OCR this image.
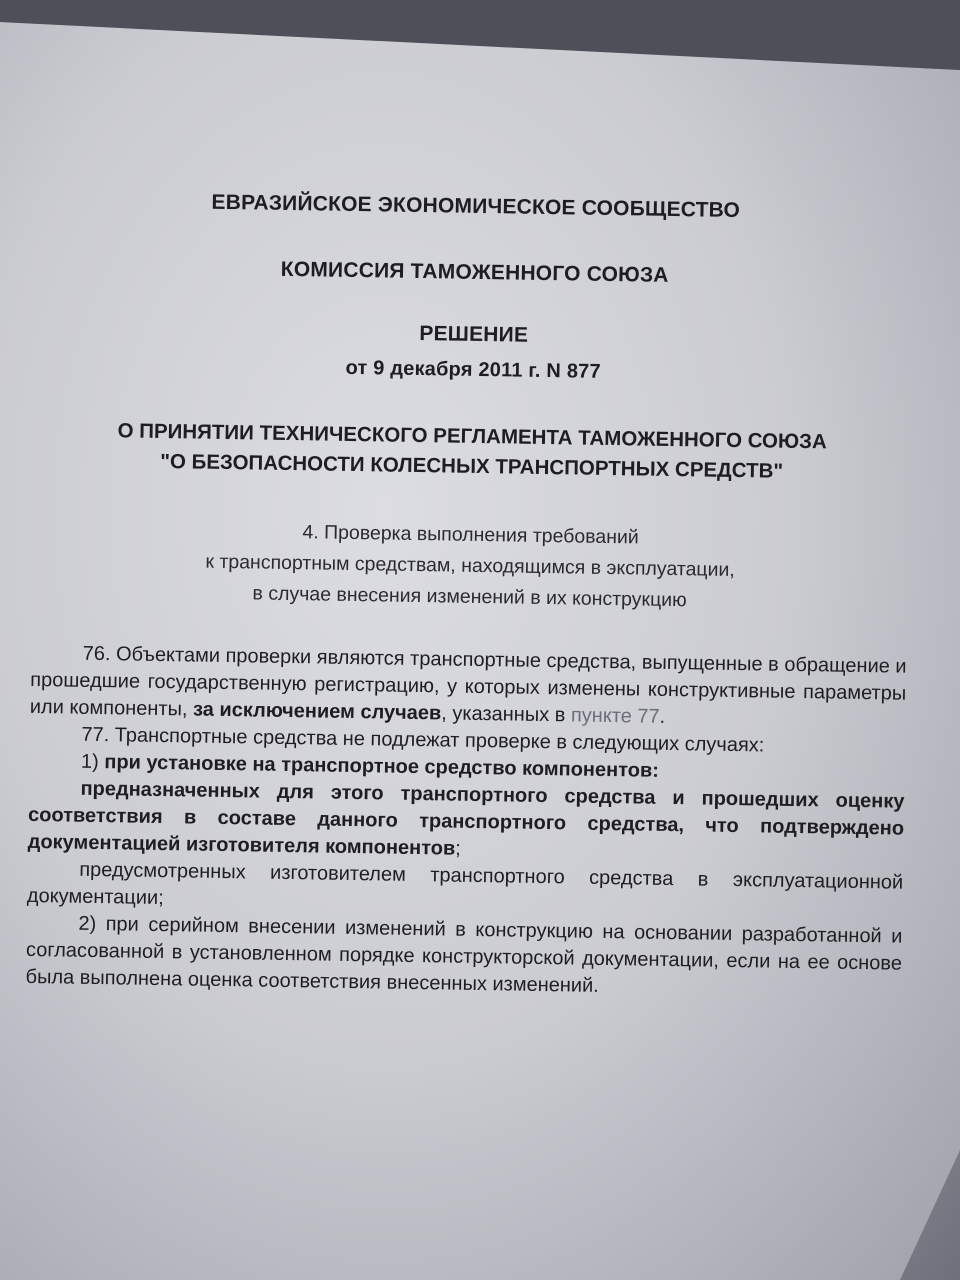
ЕВРАЗИЙСКОЕ ЭКОНОМИЧЕСКОЕ СООБЩЕСТВО
КОМИССИЯ ТАМОЖЕННОГО СОЮЗА
РЕШЕНИЕ
от 9 декабря 2011 г. N 877
О ПРИНЯТИИ ТЕХНИЧЕСКОГО РЕГЛАМЕНТА ТАМОЖЕННОГО СОЮЗА
"О БЕЗОПАСНОСТИ КОЛЕСНЫХ ТРАНСПОРТНЫХ СРЕДСТВ"
4. Проверка выполнения требований
к транспортным средствам, находящимся в эксплуатации,
в случае внесения изменений в их конструкцию

76. Объектами проверки являются транспортные средства, выпущенные в обращение и прошедшие государственную регистрацию, у которых изменены конструктивные параметры или компоненты, за исключением случаев, указанных в пункте 77.

77. Транспортные средства не подлежат проверке в следующих случаях:

1) при установке на транспортное средство компонентов:

предназначенных для этого транспортного средства и прошедших оценку соответствия в составе данного транспортного средства, что подтверждено документацией изготовителя компонентов;

предусмотренных изготовителем транспортного средства в эксплуатационной документации;

2) при серийном внесении изменений в конструкцию на основании разработанной и согласованной в установленном порядке конструкторской документации, если на ее основе была выполнена оценка соответствия внесенных изменений.
